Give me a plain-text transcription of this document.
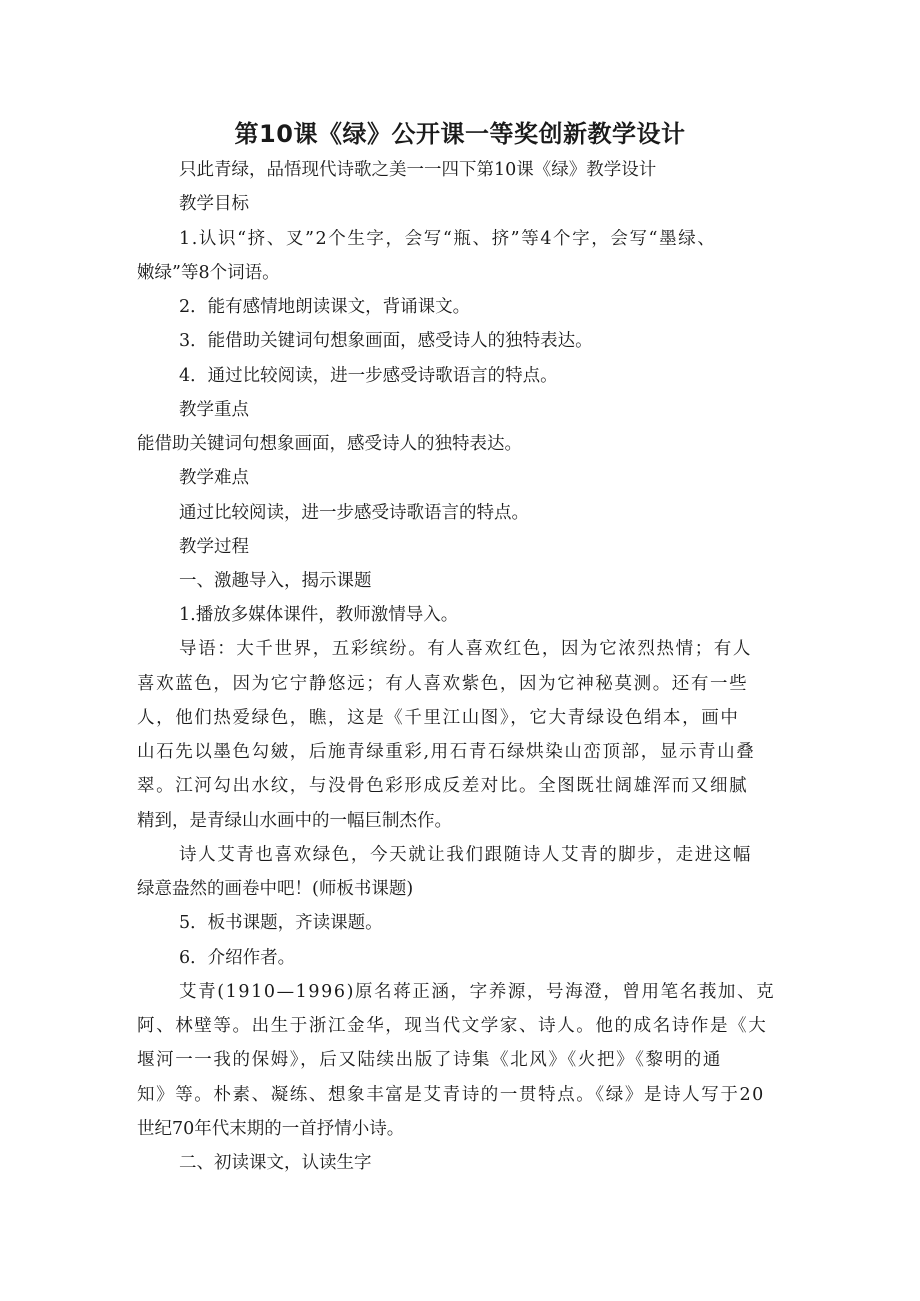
第10课《绿》公开课一等奖创新教学设计
只此青绿，品悟现代诗歌之美一一四下第10课《绿》教学设计
教学目标
1.认识“挤、叉”2个生字，会写“瓶、挤”等4个字，会写“墨绿、
嫩绿”等8个词语。
2．能有感情地朗读课文，背诵课文。
3．能借助关键词句想象画面，感受诗人的独特表达。
4．通过比较阅读，进一步感受诗歌语言的特点。
教学重点
能借助关键词句想象画面，感受诗人的独特表达。
教学难点
通过比较阅读，进一步感受诗歌语言的特点。
教学过程
一、激趣导入，揭示课题
1.播放多媒体课件，教师激情导入。
导语：大千世界，五彩缤纷。有人喜欢红色，因为它浓烈热情；有人
喜欢蓝色，因为它宁静悠远；有人喜欢紫色，因为它神秘莫测。还有一些
人，他们热爱绿色，瞧，这是《千里江山图》，它大青绿设色绢本，画中
山石先以墨色勾皴，后施青绿重彩,用石青石绿烘染山峦顶部，显示青山叠
翠。江河勾出水纹，与没骨色彩形成反差对比。全图既壮阔雄浑而又细腻
精到，是青绿山水画中的一幅巨制杰作。
诗人艾青也喜欢绿色，今天就让我们跟随诗人艾青的脚步，走进这幅
绿意盎然的画卷中吧！(师板书课题)
5．板书课题，齐读课题。
6．介绍作者。
艾青(1910—1996)原名蒋正涵，字养源，号海澄，曾用笔名莪加、克
阿、林壁等。出生于浙江金华，现当代文学家、诗人。他的成名诗作是《大
堰河一一我的保姆》，后又陆续出版了诗集《北风》《火把》《黎明的通
知》等。朴素、凝练、想象丰富是艾青诗的一贯特点。《绿》是诗人写于20
世纪70年代末期的一首抒情小诗。
二、初读课文，认读生字
